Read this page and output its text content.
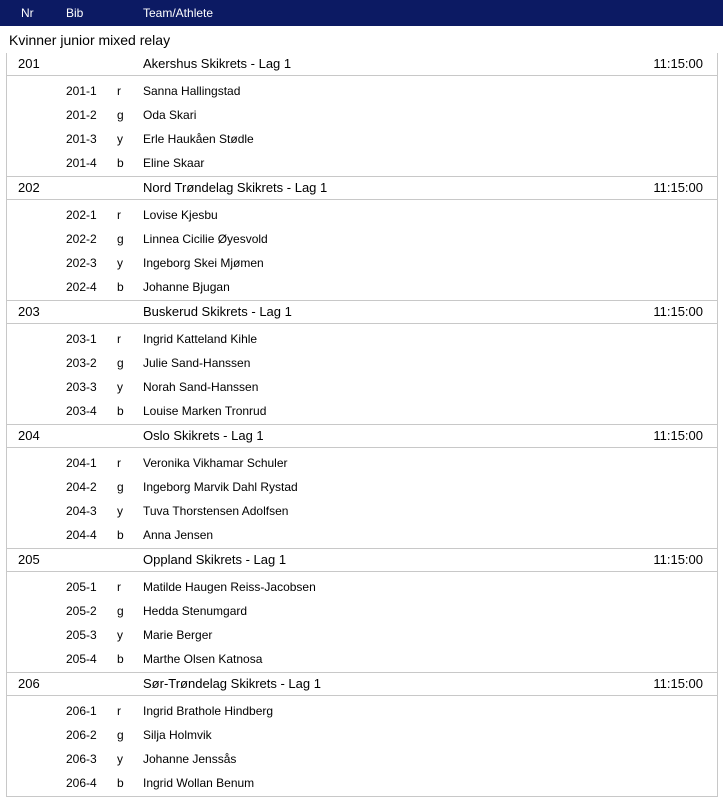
Nr	Bib	Team/Athlete
Kvinner junior mixed relay
201	Akershus Skikrets - Lag 1	11:15:00
201-1 r Sanna Hallingstad
201-2 g Oda Skari
201-3 y Erle Haukåen Stødle
201-4 b Eline Skaar
202	Nord Trøndelag Skikrets - Lag 1	11:15:00
202-1 r Lovise Kjesbu
202-2 g Linnea Cicilie Øyesvold
202-3 y Ingeborg Skei Mjømen
202-4 b Johanne Bjugan
203	Buskerud Skikrets - Lag 1	11:15:00
203-1 r Ingrid Katteland Kihle
203-2 g Julie Sand-Hanssen
203-3 y Norah Sand-Hanssen
203-4 b Louise Marken Tronrud
204	Oslo Skikrets - Lag 1	11:15:00
204-1 r Veronika Vikhamar Schuler
204-2 g Ingeborg Marvik Dahl Rystad
204-3 y Tuva Thorstensen Adolfsen
204-4 b Anna Jensen
205	Oppland Skikrets - Lag 1	11:15:00
205-1 r Matilde Haugen Reiss-Jacobsen
205-2 g Hedda Stenumgard
205-3 y Marie Berger
205-4 b Marthe Olsen Katnosa
206	Sør-Trøndelag Skikrets - Lag 1	11:15:00
206-1 r Ingrid Brathole Hindberg
206-2 g Silja Holmvik
206-3 y Johanne Jenssås
206-4 b Ingrid Wollan Benum
